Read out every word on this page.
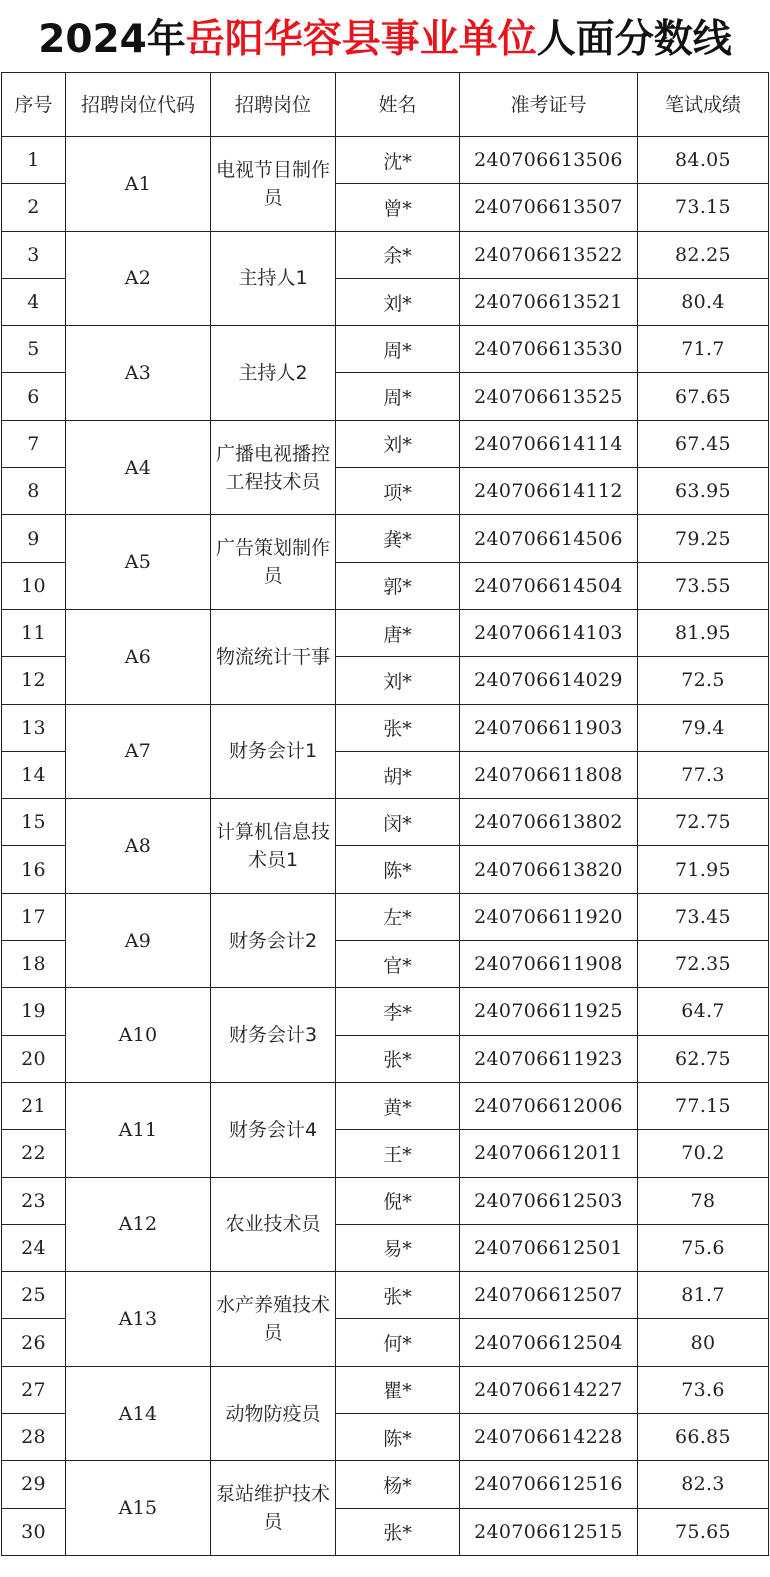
2024年 岳阳华容县事业单位 人面分数线
序号	招聘岗位代码	招聘岗位	姓名	准考证号	笔试成绩
1	A1	电视节目制作员	沈*	240706613506	84.05
2			曾*	240706613507	73.15
3	A2	主持人1	余*	240706613522	82.25
4			刘*	240706613521	80.4
5	A3	主持人2	周*	240706613530	71.7
6			周*	240706613525	67.65
7	A4	广播电视播控工程技术员	刘*	240706614114	67.45
8			项*	240706614112	63.95
9	A5	广告策划制作员	龚*	240706614506	79.25
10			郭*	240706614504	73.55
11	A6	物流统计干事	唐*	240706614103	81.95
12			刘*	240706614029	72.5
13	A7	财务会计1	张*	240706611903	79.4
14			胡*	240706611808	77.3
15	A8	计算机信息技术员1	闵*	240706613802	72.75
16			陈*	240706613820	71.95
17	A9	财务会计2	左*	240706611920	73.45
18			官*	240706611908	72.35
19	A10	财务会计3	李*	240706611925	64.7
20			张*	240706611923	62.75
21	A11	财务会计4	黄*	240706612006	77.15
22			王*	240706612011	70.2
23	A12	农业技术员	倪*	240706612503	78
24			易*	240706612501	75.6
25	A13	水产养殖技术员	张*	240706612507	81.7
26			何*	240706612504	80
27	A14	动物防疫员	瞿*	240706614227	73.6
28			陈*	240706614228	66.85
29	A15	泵站维护技术员	杨*	240706612516	82.3
30			张*	240706612515	75.65
